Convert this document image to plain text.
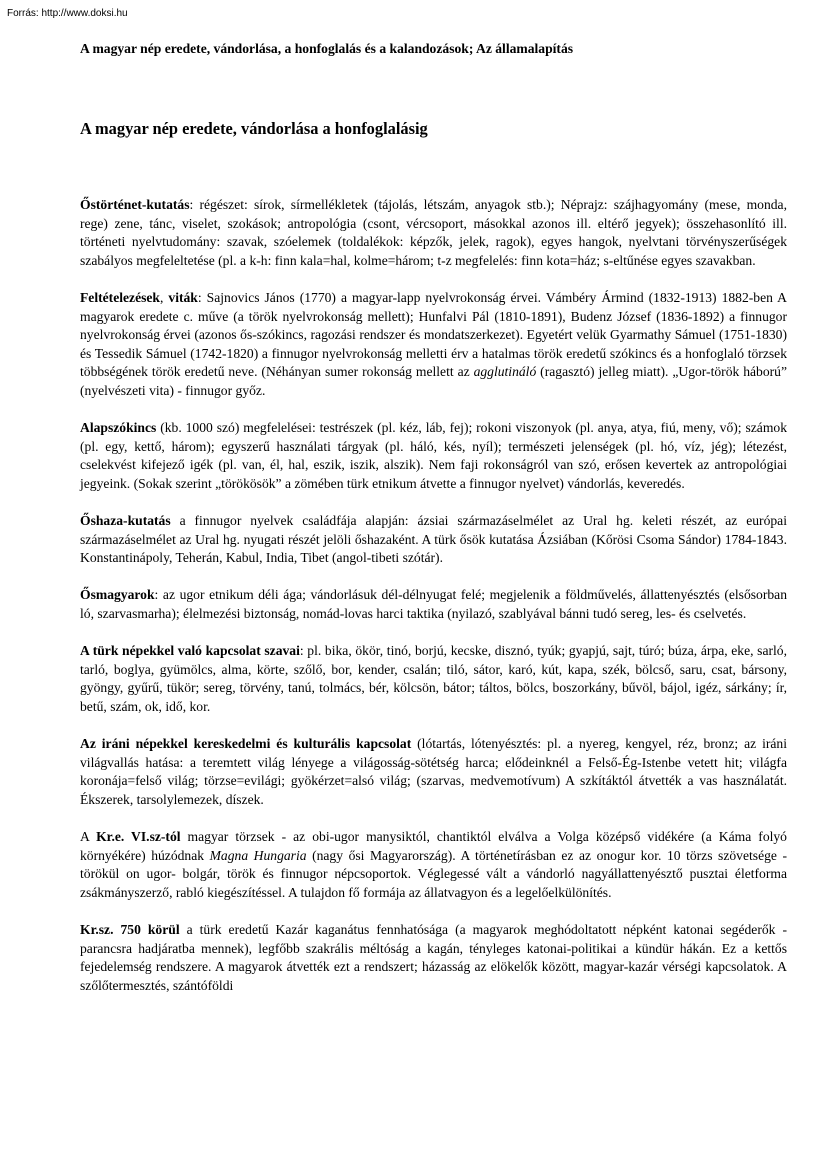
Forrás: http://www.doksi.hu
A magyar nép eredete, vándorlása, a honfoglalás és a kalandozások; Az államalapítás
A magyar nép eredete, vándorlása a honfoglalásig

Őstörténet-kutatás: régészet: sírok, sírmellékletek (tájolás, létszám, anyagok stb.); Néprajz: szájhagyomány (mese, monda, rege) zene, tánc, viselet, szokások; antropológia (csont, vércsoport, másokkal azonos ill. eltérő jegyek); összehasonlító ill. történeti nyelvtudomány: szavak, szóelemek (toldalékok: képzők, jelek, ragok), egyes hangok, nyelvtani törvényszerűségek szabályos megfeleltetése (pl. a k-h: finn kala=hal, kolme=három; t-z megfelelés: finn kota=ház; s-eltűnése egyes szavakban.

Feltételezések, viták: Sajnovics János (1770) a magyar-lapp nyelvrokonság érvei. Vámbéry Ármind (1832-1913) 1882-ben A magyarok eredete c. műve (a török nyelvrokonság mellett); Hunfalvi Pál (1810-1891), Budenz József (1836-1892) a finnugor nyelvrokonság érvei (azonos ős-szókincs, ragozási rendszer és mondatszerkezet). Egyetért velük Gyarmathy Sámuel (1751-1830) és Tessedik Sámuel (1742-1820) a finnugor nyelvrokonság melletti érv a hatalmas török eredetű szókincs és a honfoglaló törzsek többségének török eredetű neve. (Néhányan sumer rokonság mellett az agglutináló (ragasztó) jelleg miatt). „Ugor-török háború” (nyelvészeti vita) - finnugor győz.

Alapszókincs (kb. 1000 szó) megfelelései: testrészek (pl. kéz, láb, fej); rokoni viszonyok (pl. anya, atya, fiú, meny, vő); számok (pl. egy, kettő, három); egyszerű használati tárgyak (pl. háló, kés, nyíl); természeti jelenségek (pl. hó, víz, jég); létezést, cselekvést kifejező igék (pl. van, él, hal, eszik, iszik, alszik). Nem faji rokonságról van szó, erősen kevertek az antropológiai jegyeink. (Sokak szerint „törökösök” a zömében türk etnikum átvette a finnugor nyelvet) vándorlás, keveredés.

Őshaza-kutatás a finnugor nyelvek családfája alapján: ázsiai származáselmélet az Ural hg. keleti részét, az európai származáselmélet az Ural hg. nyugati részét jelöli őshazaként. A türk ősök kutatása Ázsiában (Kőrösi Csoma Sándor) 1784-1843. Konstantinápoly, Teherán, Kabul, India, Tibet (angol-tibeti szótár).

Ősmagyarok: az ugor etnikum déli ága; vándorlásuk dél-délnyugat felé; megjelenik a földművelés, állattenyésztés (elsősorban ló, szarvasmarha); élelmezési biztonság, nomád-lovas harci taktika (nyilazó, szablyával bánni tudó sereg, les- és cselvetés.

A türk népekkel való kapcsolat szavai: pl. bika, ökör, tinó, borjú, kecske, disznó, tyúk; gyapjú, sajt, túró; búza, árpa, eke, sarló, tarló, boglya, gyümölcs, alma, körte, szőlő, bor, kender, csalán; tiló, sátor, karó, kút, kapa, szék, bölcső, saru, csat, bársony, gyöngy, gyűrű, tükör; sereg, törvény, tanú, tolmács, bér, kölcsön, bátor; táltos, bölcs, boszorkány, bűvöl, bájol, igéz, sárkány; ír, betű, szám, ok, idő, kor.

Az iráni népekkel kereskedelmi és kulturális kapcsolat (lótartás, lótenyésztés: pl. a nyereg, kengyel, réz, bronz; az iráni világvallás hatása: a teremtett világ lényege a világosság-sötétség harca; elődeinknél a Felső-Ég-Istenbe vetett hit; világfa koronája=felső világ; törzse=evilági; gyökérzet=alsó világ; (szarvas, medvemotívum) A szkítáktól átvették a vas használatát. Ékszerek, tarsolylemezek, díszek.

A Kr.e. VI.sz-tól magyar törzsek - az obi-ugor manysiktól, chantiktól elválva a Volga középső vidékére (a Káma folyó környékére) húzódnak Magna Hungaria (nagy ősi Magyarország). A történetírásban ez az onogur kor. 10 törzs szövetsége - törökül on ugor- bolgár, török és finnugor népcsoportok. Véglegessé vált a vándorló nagyállattenyésztő pusztai életforma zsákmányszerző, rabló kiegészítéssel. A tulajdon fő formája az állatvagyon és a legelőelkülönítés.

Kr.sz. 750 körül a türk eredetű Kazár kaganátus fennhatósága (a magyarok meghódoltatott népként katonai segéderők - parancsra hadjáratba mennek), legfőbb szakrális méltóság a kagán, tényleges katonai-politikai a kündür hákán. Ez a kettős fejedelemség rendszere. A magyarok átvették ezt a rendszert; házasság az elökelők között, magyar-kazár vérségi kapcsolatok. A szőlőtermesztés, szántóföldi
